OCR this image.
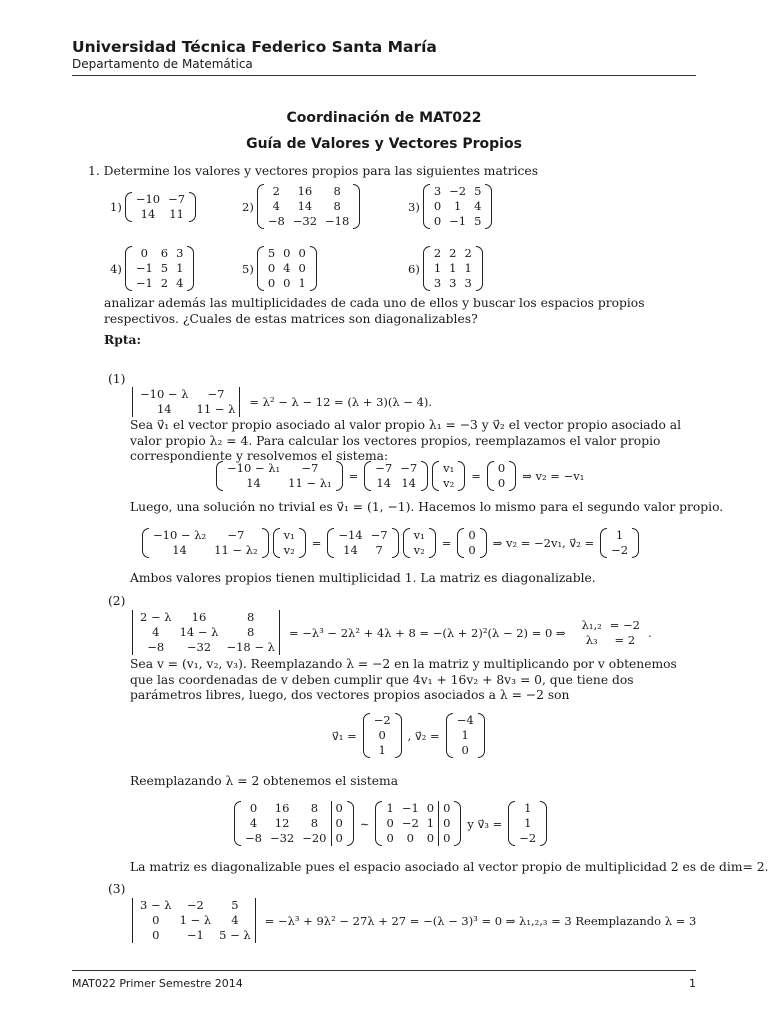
Universidad Técnica Federico Santa María
Departamento de Matemática
Coordinación de MAT022
Guía de Valores y Vectores Propios
1. Determine los valores y vectores propios para las siguientes matrices
1)
−10	−7
14	11
2)
2	16	8
4	14	8
−8	−32	−18
3)
3	−2	5
0	1	4
0	−1	5
4)
0	6	3
−1	5	1
−1	2	4
5)
5	0	0
0	4	0
0	0	1
6)
2	2	2
1	1	1
3	3	3
analizar además las multiplicidades de cada uno de ellos y buscar los espacios propios respectivos. ¿Cuales de estas matrices son diagonalizables?
Rpta:
(1)
−10 − λ	−7
14	11 − λ	= λ² − λ − 12 = (λ + 3)(λ − 4).
Sea v⃗₁ el vector propio asociado al valor propio λ₁ = −3 y v⃗₂ el vector propio asociado al valor propio λ₂ = 4. Para calcular los vectores propios, reemplazamos el valor propio correspondiente y resolvemos el sistema:
−10 − λ₁	−7
14	11 − λ₁	=
−7	−7
14	14
v₁
v₂	=
0
0	⇒ v₂ = −v₁
Luego, una solución no trivial es v⃗₁ = (1, −1). Hacemos lo mismo para el segundo valor propio.
−10 − λ₂	−7
14	11 − λ₂
v₁
v₂	=
−14	−7
14	7
v₁
v₂	=
0
0	⇒ v₂ = −2v₁, v⃗₂ =
1
−2
Ambos valores propios tienen multiplicidad 1. La matriz es diagonalizable.
(2)
2 − λ	16	8
4	14 − λ	8
−8	−32	−18 − λ
= −λ³ − 2λ² + 4λ + 8 = −(λ + 2)²(λ − 2) = 0 ⇒
λ₁,₂	= −2
λ₃	= 2	.
Sea v = (v₁, v₂, v₃). Reemplazando λ = −2 en la matriz y multiplicando por v obtenemos que las coordenadas de v deben cumplir que 4v₁ + 16v₂ + 8v₃ = 0, que tiene dos parámetros libres, luego, dos vectores propios asociados a λ = −2 son
v⃗₁ =
−2
0
1
, v⃗₂ =
−4
1
0
Reemplazando λ = 2 obtenemos el sistema
0	16	8	0
4	12	8	0
−8	−32	−20	0
∼
1	−1	0	0
0	−2	1	0
0	0	0	0
y v⃗₃ =
1
1
−2
La matriz es diagonalizable pues el espacio asociado al vector propio de multiplicidad 2 es de dim= 2.
(3)
3 − λ	−2	5
0	1 − λ	4
0	−1	5 − λ
= −λ³ + 9λ² − 27λ + 27 = −(λ − 3)³ = 0 ⇒ λ₁,₂,₃ = 3 Reemplazando λ = 3
MAT022 Primer Semestre 2014	1
